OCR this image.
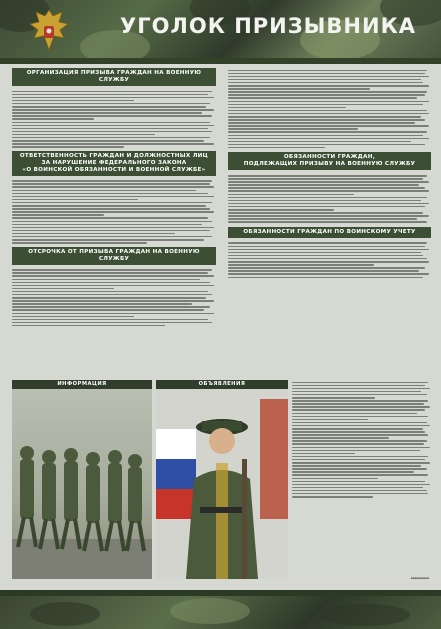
УГОЛОК ПРИЗЫВНИКА
ОРГАНИЗАЦИЯ ПРИЗЫВА ГРАЖДАН НА ВОЕННУЮ СЛУЖБУ
ОТВЕТСТВЕННОСТЬ ГРАЖДАН И ДОЛЖНОСТНЫХ ЛИЦ
ЗА НАРУШЕНИЕ ФЕДЕРАЛЬНОГО ЗАКОНА
«О ВОИНСКОЙ ОБЯЗАННОСТИ И ВОЕННОЙ СЛУЖБЕ»
ОТСРОЧКА ОТ ПРИЗЫВА ГРАЖДАН НА ВОЕННУЮ СЛУЖБУ
ОБЯЗАННОСТИ ГРАЖДАН,
ПОДЛЕЖАЩИХ ПРИЗЫВУ НА ВОЕННУЮ СЛУЖБУ
ОБЯЗАННОСТИ ГРАЖДАН ПО ВОИНСКОМУ УЧЕТУ
ИНФОРМАЦИЯ	ОБЪЯВЛЕНИЯ
▪▪▪▪▪▪▪▪▪
